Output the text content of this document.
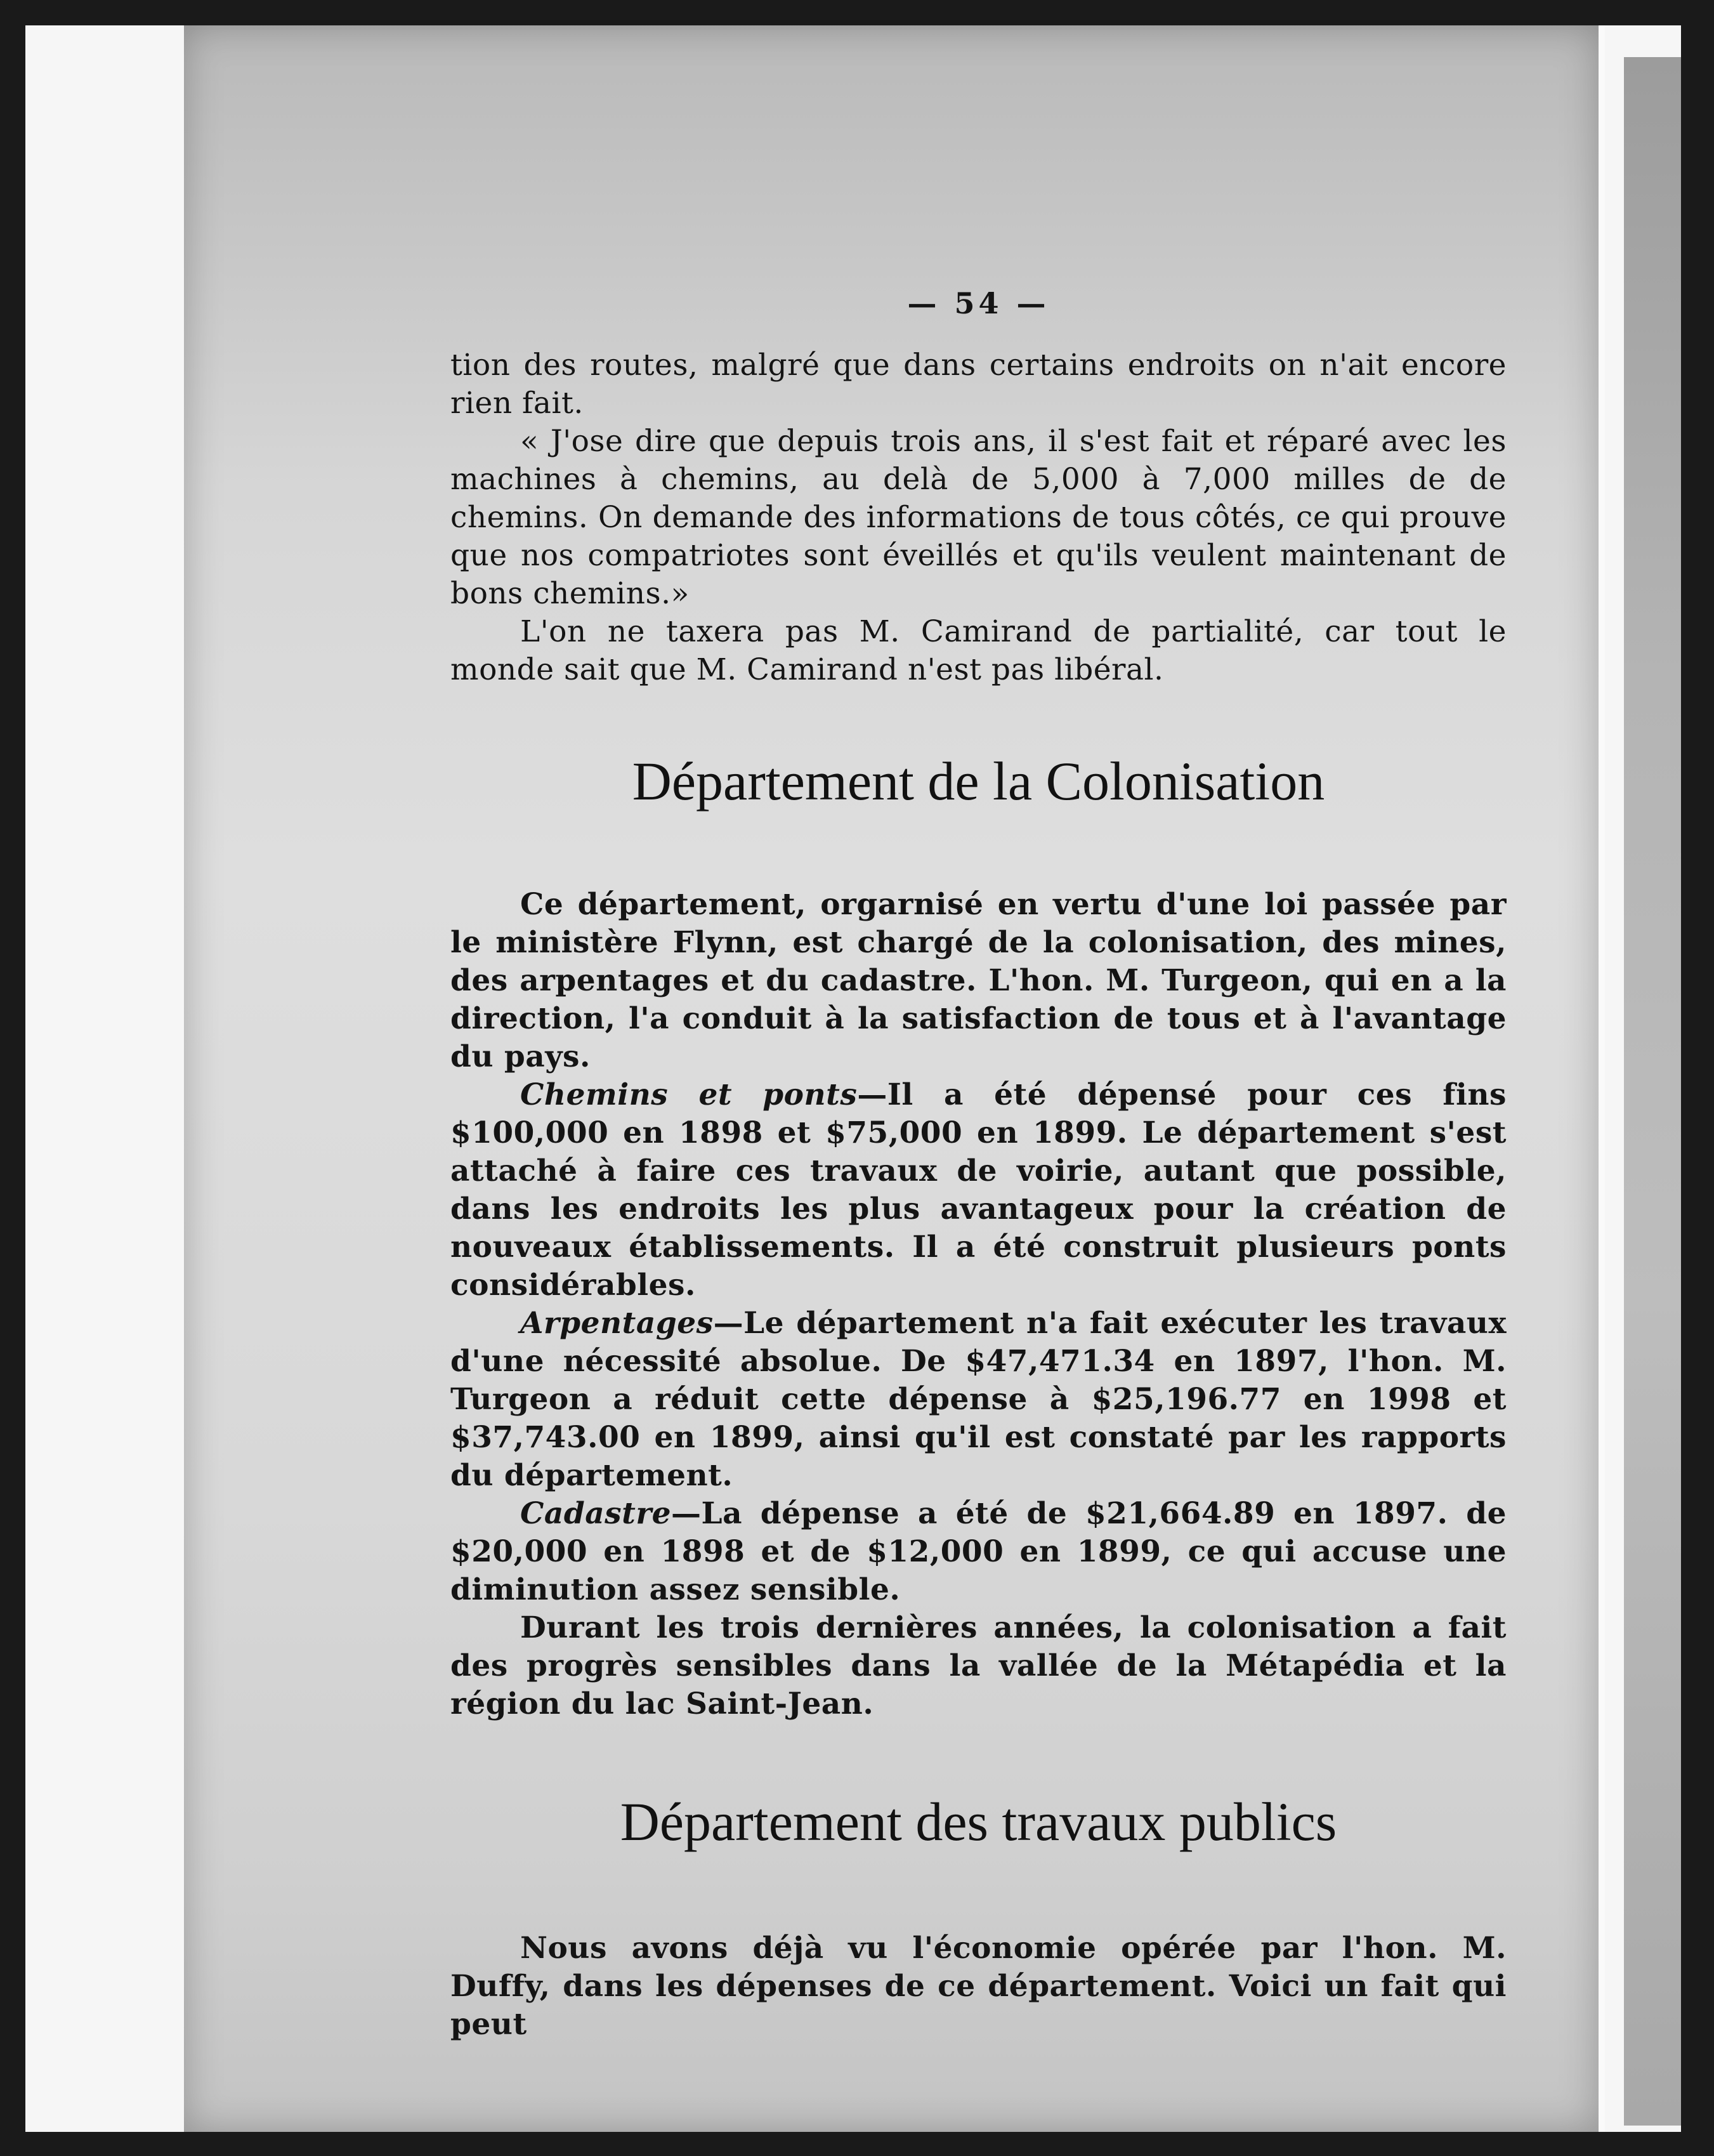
— 54 —

tion des routes, malgré que dans certains endroits on n'ait encore rien fait.

« J'ose dire que depuis trois ans, il s'est fait et réparé avec les machines à chemins, au delà de 5,000 à 7,000 milles de de chemins. On demande des informations de tous côtés, ce qui prouve que nos compatriotes sont éveillés et qu'ils veulent maintenant de bons chemins.»

L'on ne taxera pas M. Camirand de partialité, car tout le monde sait que M. Camirand n'est pas libéral.

Département de la Colonisation

Ce département, orgarnisé en vertu d'une loi passée par le ministère Flynn, est chargé de la colonisation, des mines, des arpentages et du cadastre. L'hon. M. Turgeon, qui en a la direction, l'a conduit à la satisfaction de tous et à l'avantage du pays.

Chemins et ponts—Il a été dépensé pour ces fins $100,000 en 1898 et $75,000 en 1899. Le département s'est attaché à faire ces travaux de voirie, autant que possible, dans les endroits les plus avantageux pour la création de nouveaux établissements. Il a été construit plusieurs ponts considérables.

Arpentages—Le département n'a fait exécuter les travaux d'une nécessité absolue. De $47,471.34 en 1897, l'hon. M. Turgeon a réduit cette dépense à $25,196.77 en 1998 et $37,743.00 en 1899, ainsi qu'il est constaté par les rapports du département.

Cadastre—La dépense a été de $21,664.89 en 1897. de $20,000 en 1898 et de $12,000 en 1899, ce qui accuse une diminution assez sensible.

Durant les trois dernières années, la colonisation a fait des progrès sensibles dans la vallée de la Métapédia et la région du lac Saint-Jean.

Département des travaux publics

Nous avons déjà vu l'économie opérée par l'hon. M. Duffy, dans les dépenses de ce département. Voici un fait qui peut
